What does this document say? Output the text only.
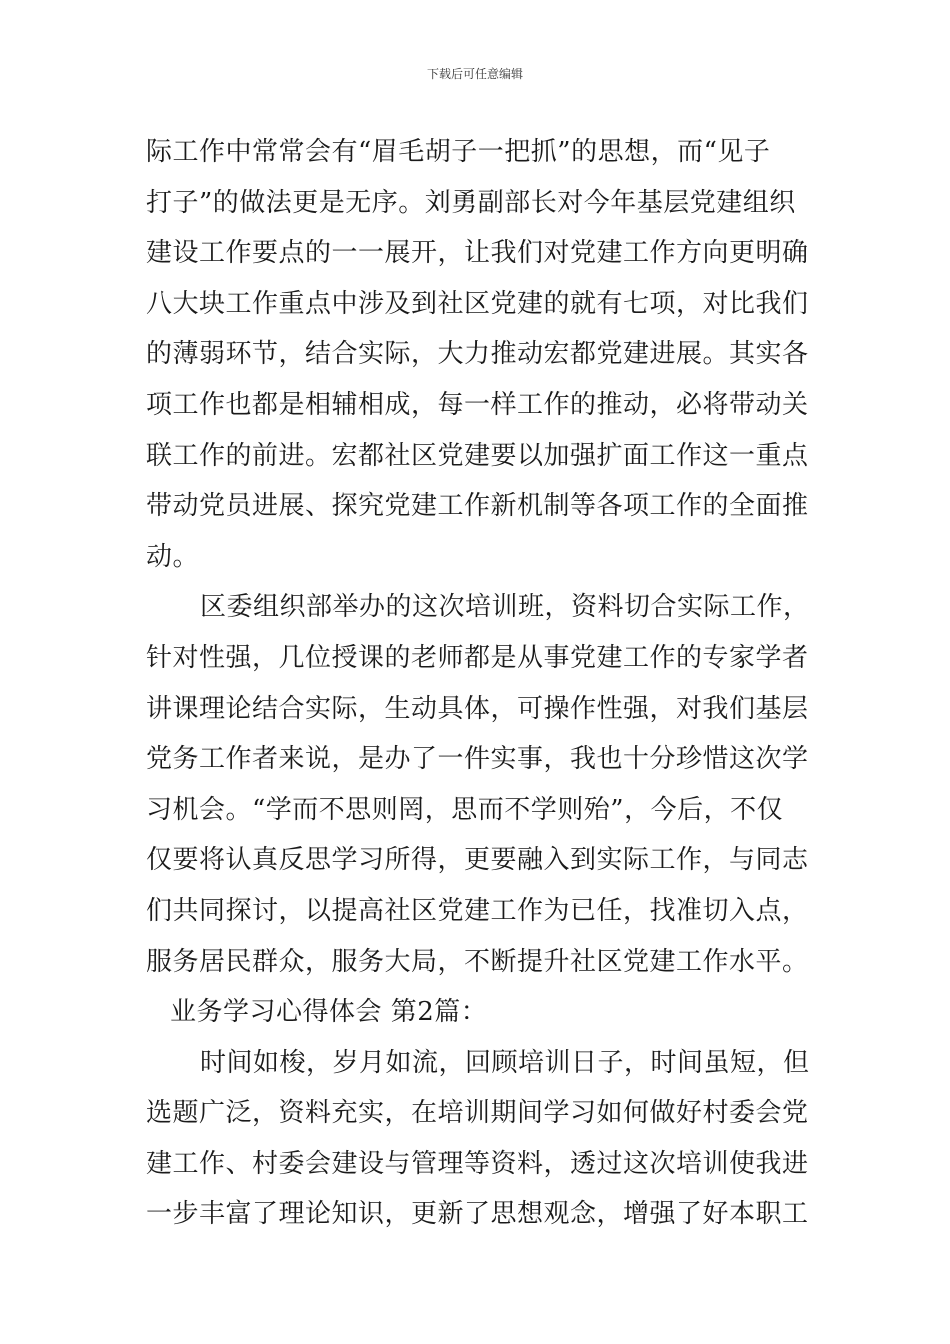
下载后可任意编辑
际工作中常常会有“眉毛胡子一把抓”的思想，而“见子
打子”的做法更是无序。刘勇副部长对今年基层党建组织
建设工作要点的一一展开，让我们对党建工作方向更明确
八大块工作重点中涉及到社区党建的就有七项，对比我们
的薄弱环节，结合实际，大力推动宏都党建进展。其实各
项工作也都是相辅相成，每一样工作的推动，必将带动关
联工作的前进。宏都社区党建要以加强扩面工作这一重点
带动党员进展、探究党建工作新机制等各项工作的全面推
动。
区委组织部举办的这次培训班，资料切合实际工作，
针对性强，几位授课的老师都是从事党建工作的专家学者
讲课理论结合实际，生动具体，可操作性强，对我们基层
党务工作者来说，是办了一件实事，我也十分珍惜这次学
习机会。“学而不思则罔，思而不学则殆”，今后，不仅
仅要将认真反思学习所得，更要融入到实际工作，与同志
们共同探讨，以提高社区党建工作为已任，找准切入点，
服务居民群众，服务大局，不断提升社区党建工作水平。
业务学习心得体会 第2篇：
时间如梭，岁月如流，回顾培训日子，时间虽短，但
选题广泛，资料充实，在培训期间学习如何做好村委会党
建工作、村委会建设与管理等资料，透过这次培训使我进
一步丰富了理论知识，更新了思想观念，增强了好本职工
